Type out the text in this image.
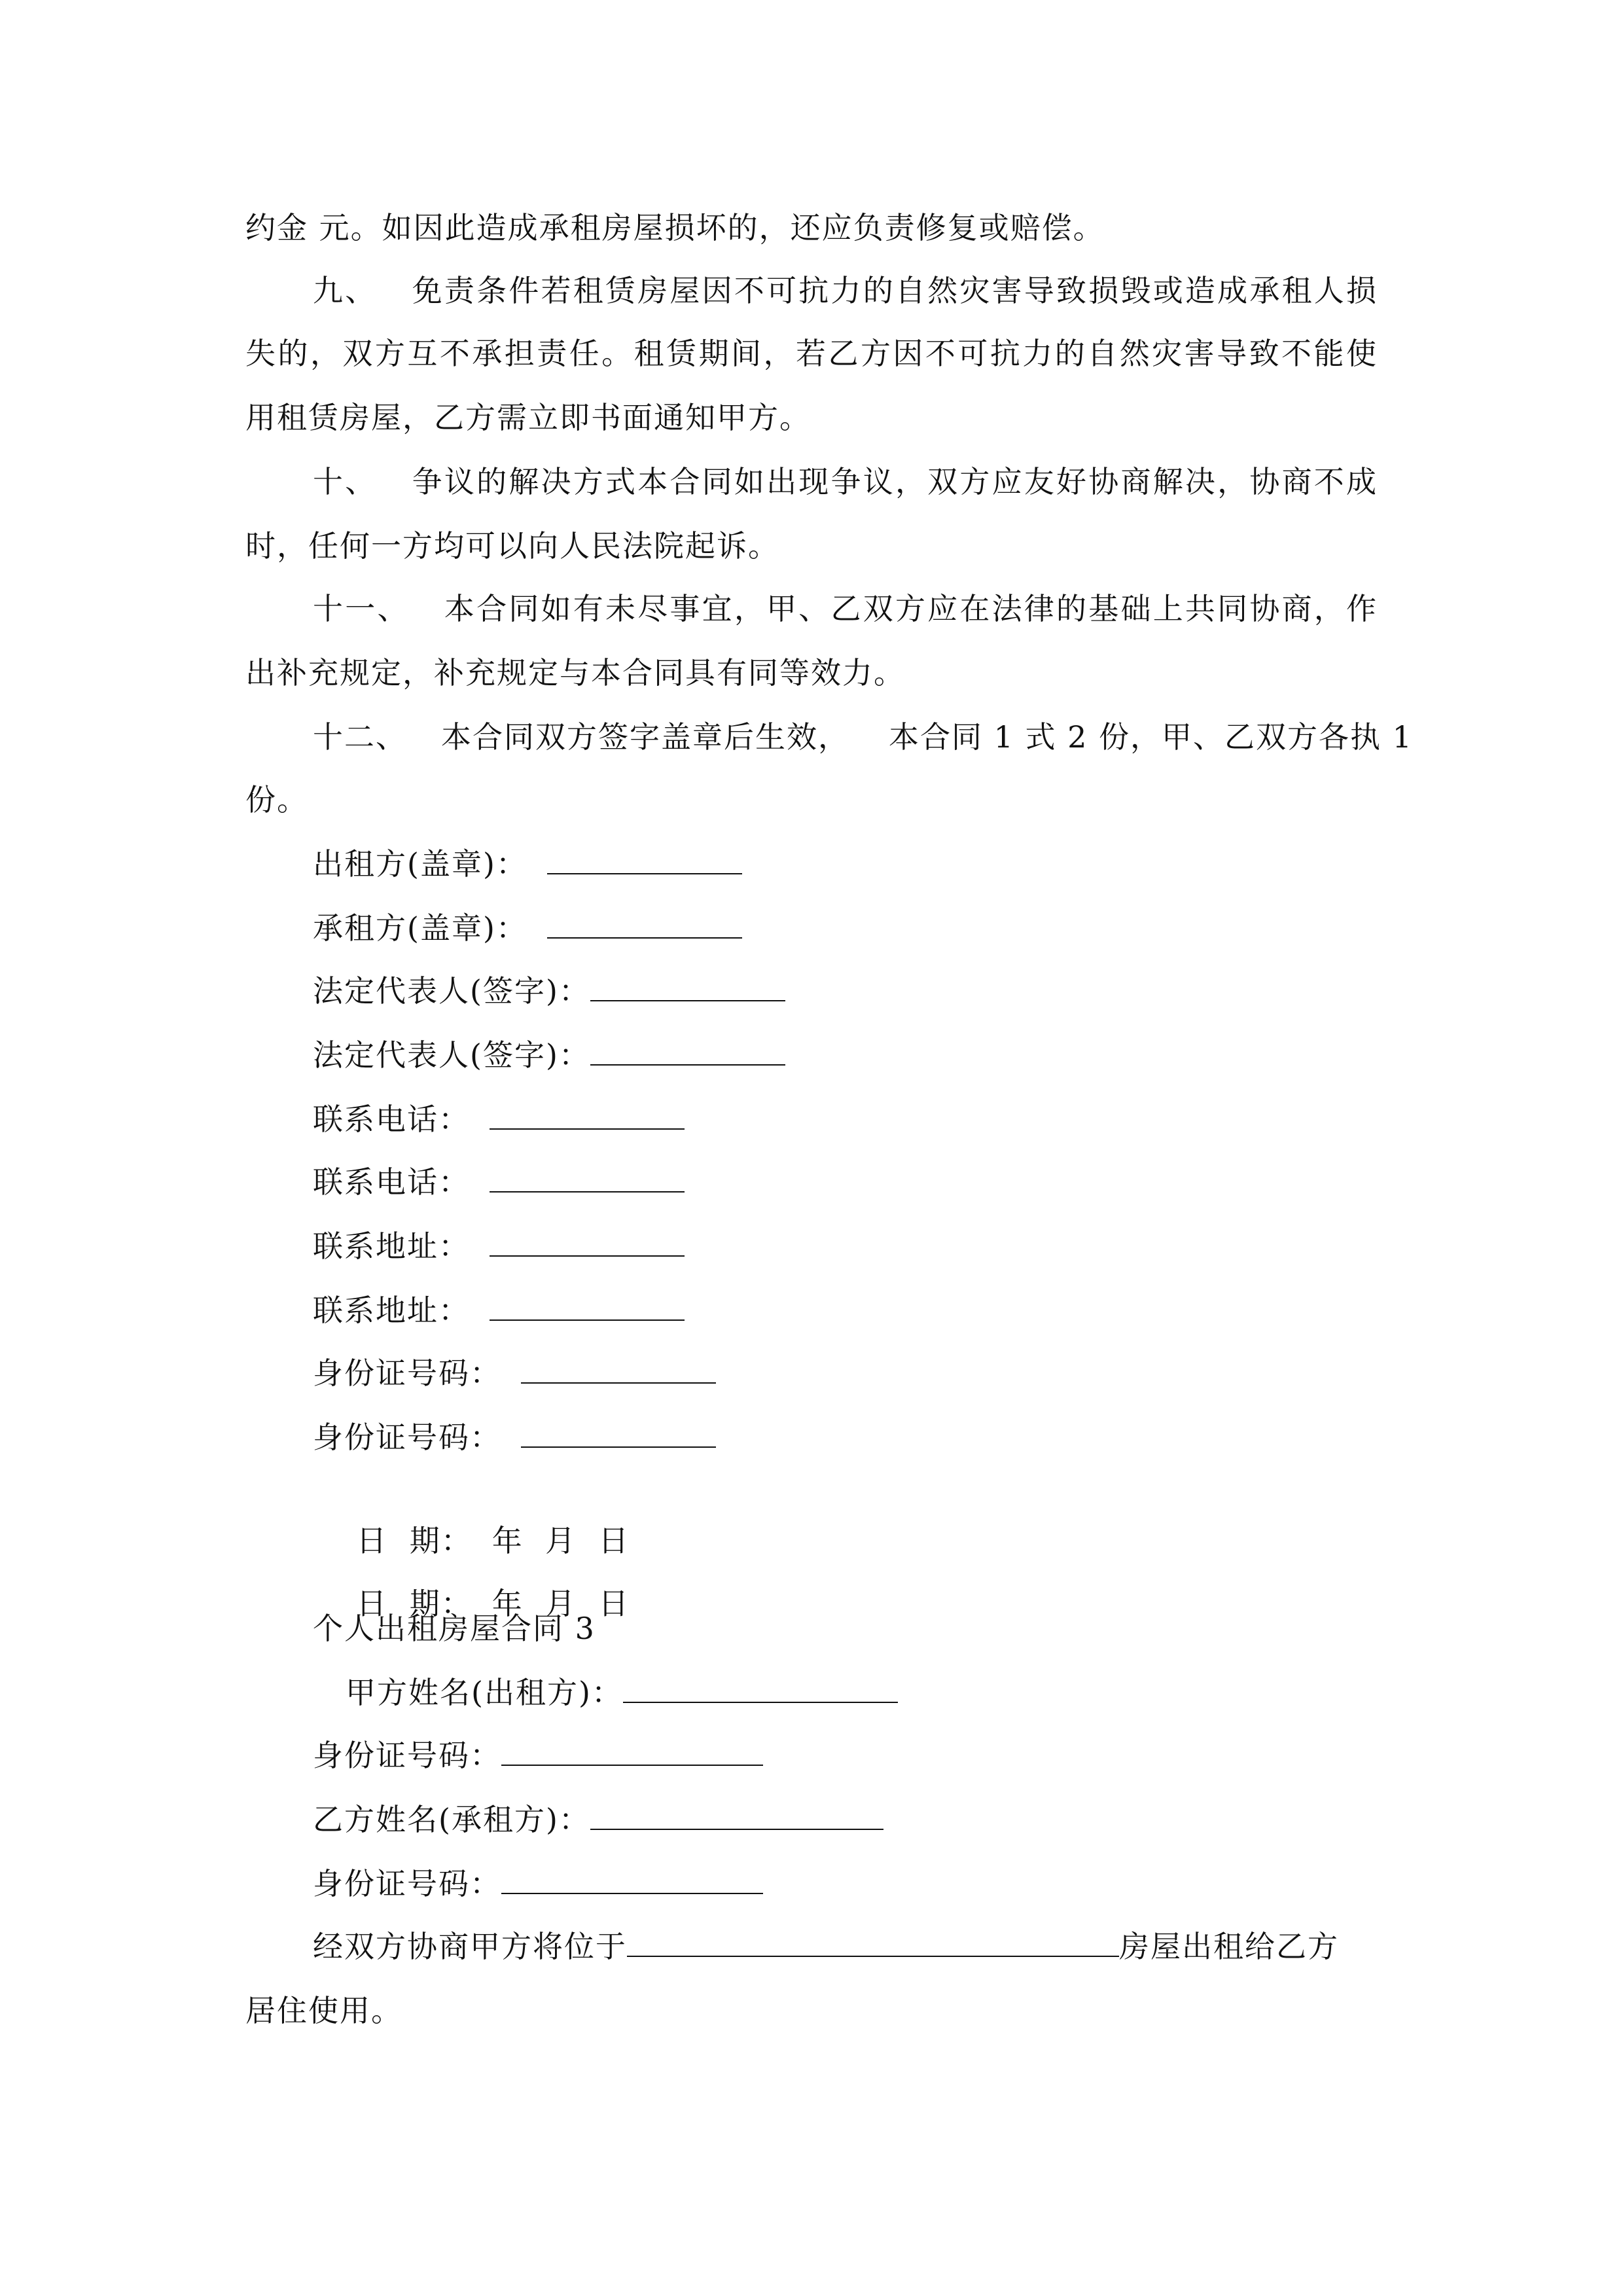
约金 元。如因此造成承租房屋损坏的，还应负责修复或赔偿。
九、 免责条件若租赁房屋因不可抗力的自然灾害导致损毁或造成承租人损
失的，双方互不承担责任。租赁期间，若乙方因不可抗力的自然灾害导致不能使
用租赁房屋，乙方需立即书面通知甲方。
十、 争议的解决方式本合同如出现争议，双方应友好协商解决，协商不成
时，任何一方均可以向人民法院起诉。
十一、 本合同如有未尽事宜，甲、乙双方应在法律的基础上共同协商，作
出补充规定，补充规定与本合同具有同等效力。
十二、 本合同双方签字盖章后生效， 本合同 1 式 2 份，甲、乙双方各执 1
份。
出租方(盖章)：
承租方(盖章)：
法定代表人(签字)：
法定代表人(签字)：
联系电话：
联系电话：
联系地址：
联系地址：
身份证号码：
身份证号码：

日  期： 年  月  日

日  期： 年  月  日

个人出租房屋合同 3
甲方姓名(出租方)：
身份证号码：
乙方姓名(承租方)：
身份证号码：
经双方协商甲方将位于	房屋出租给乙方
居住使用。
